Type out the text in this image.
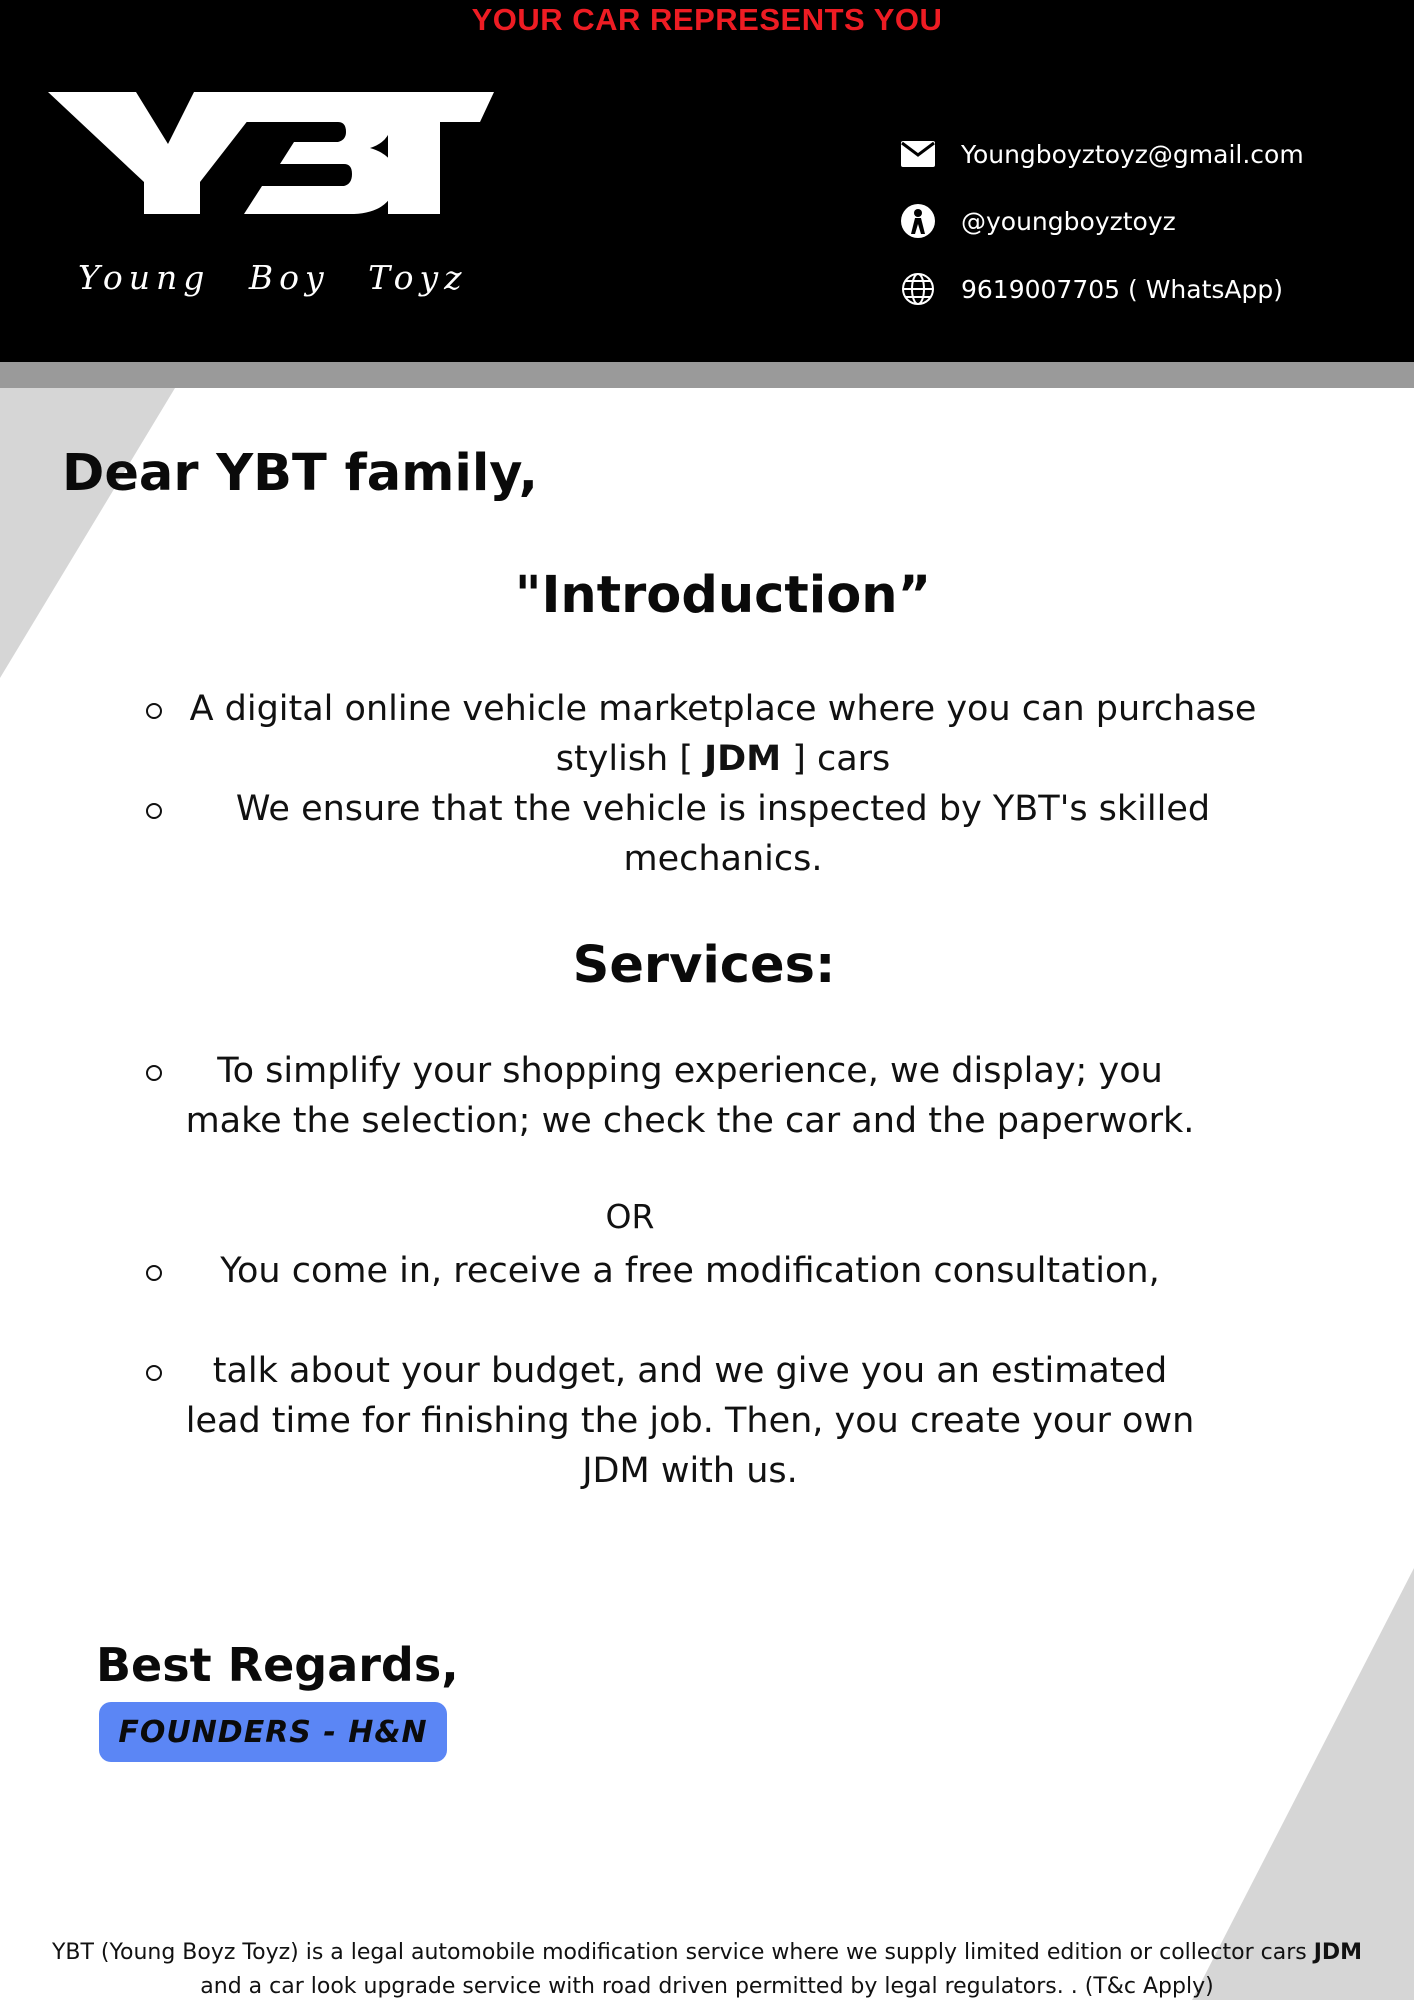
YOUR CAR REPRESENTS YOU
Young Boy Toyz
Youngboyztoyz@gmail.com
@youngboyztoyz
9619007705 ( WhatsApp)
Dear YBT family,
"Introduction”
A digital online vehicle marketplace where you can purchase stylish [ JDM ] cars
We ensure that the vehicle is inspected by YBT's skilled
mechanics.
Services:
To simplify your shopping experience, we display; you
make the selection; we check the car and the paperwork.
OR
You come in, receive a free modification consultation,
talk about your budget, and we give you an estimated
lead time for finishing the job. Then, you create your own
JDM with us.
Best Regards,
FOUNDERS - H&N
YBT (Young Boyz Toyz) is a legal automobile modification service where we supply limited edition or collector cars JDM
and a car look upgrade service with road driven permitted by legal regulators. . (T&c Apply)
